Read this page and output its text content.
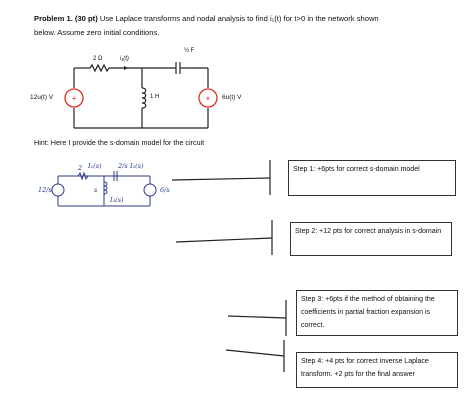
Problem 1. (30 pt) Use Laplace transforms and nodal analysis to find i₁(t) for t>0 in the network shown
below. Assume zero initial conditions.
+	+
2 Ω	i₁(t)
½ F
1 H
12u(t) V	6u(t) V
Hint: Here I provide the s-domain model for the circuit
12/s	6/s
I₁(s)	I₂(s)
s
2	2/s
I₃(s)
Step 1: +6pts for correct s-domain model
Step 2: +12 pts for correct analysis in s-domain
Step 3: +6pts if the method of obtaining the coefficients in partial fraction expansion is correct.
Step 4: +4 pts for correct inverse Laplace transform. +2 pts for the final answer
